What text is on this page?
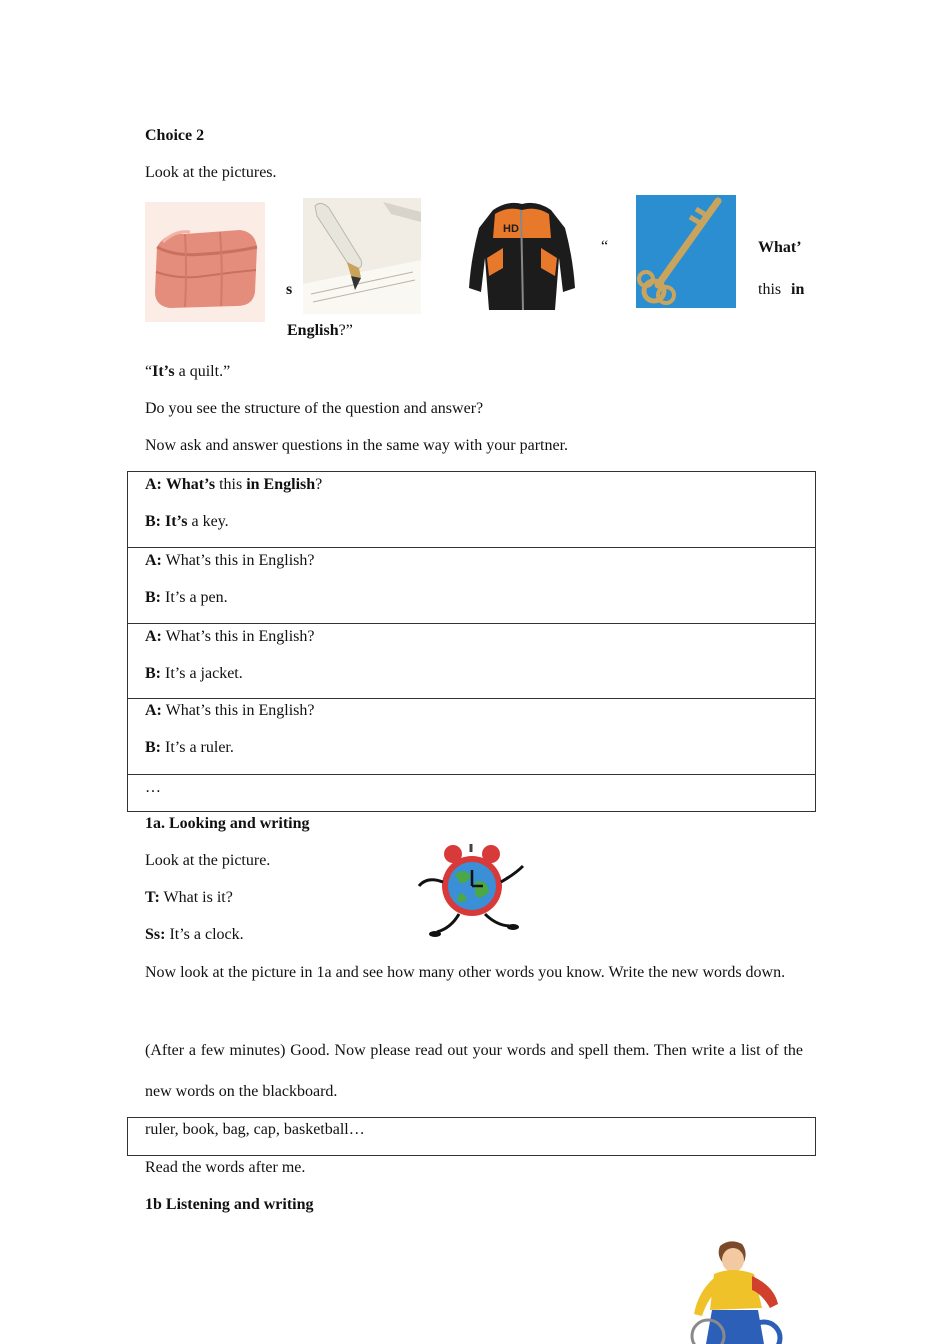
Choice 2
Look at the pictures.
s
HD
“	What’
this in
English?”
“It’s a quilt.”
Do you see the structure of the question and answer?
Now ask and answer questions in the same way with your partner.
A: What’s this in English?
B: It’s a key.
A: What’s this in English?
B: It’s a pen.
A: What’s this in English?
B: It’s a jacket.
A: What’s this in English?
B: It’s a ruler.
…
1a. Looking and writing
Look at the picture.
T: What is it?
Ss: It’s a clock.
Now look at the picture in 1a and see how many other words you know. Write the new words down.
(After a few minutes) Good. Now please read out your words and spell them. Then write a list of the new words on the blackboard.
ruler, book, bag, cap, basketball…
Read the words after me.
1b Listening and writing
